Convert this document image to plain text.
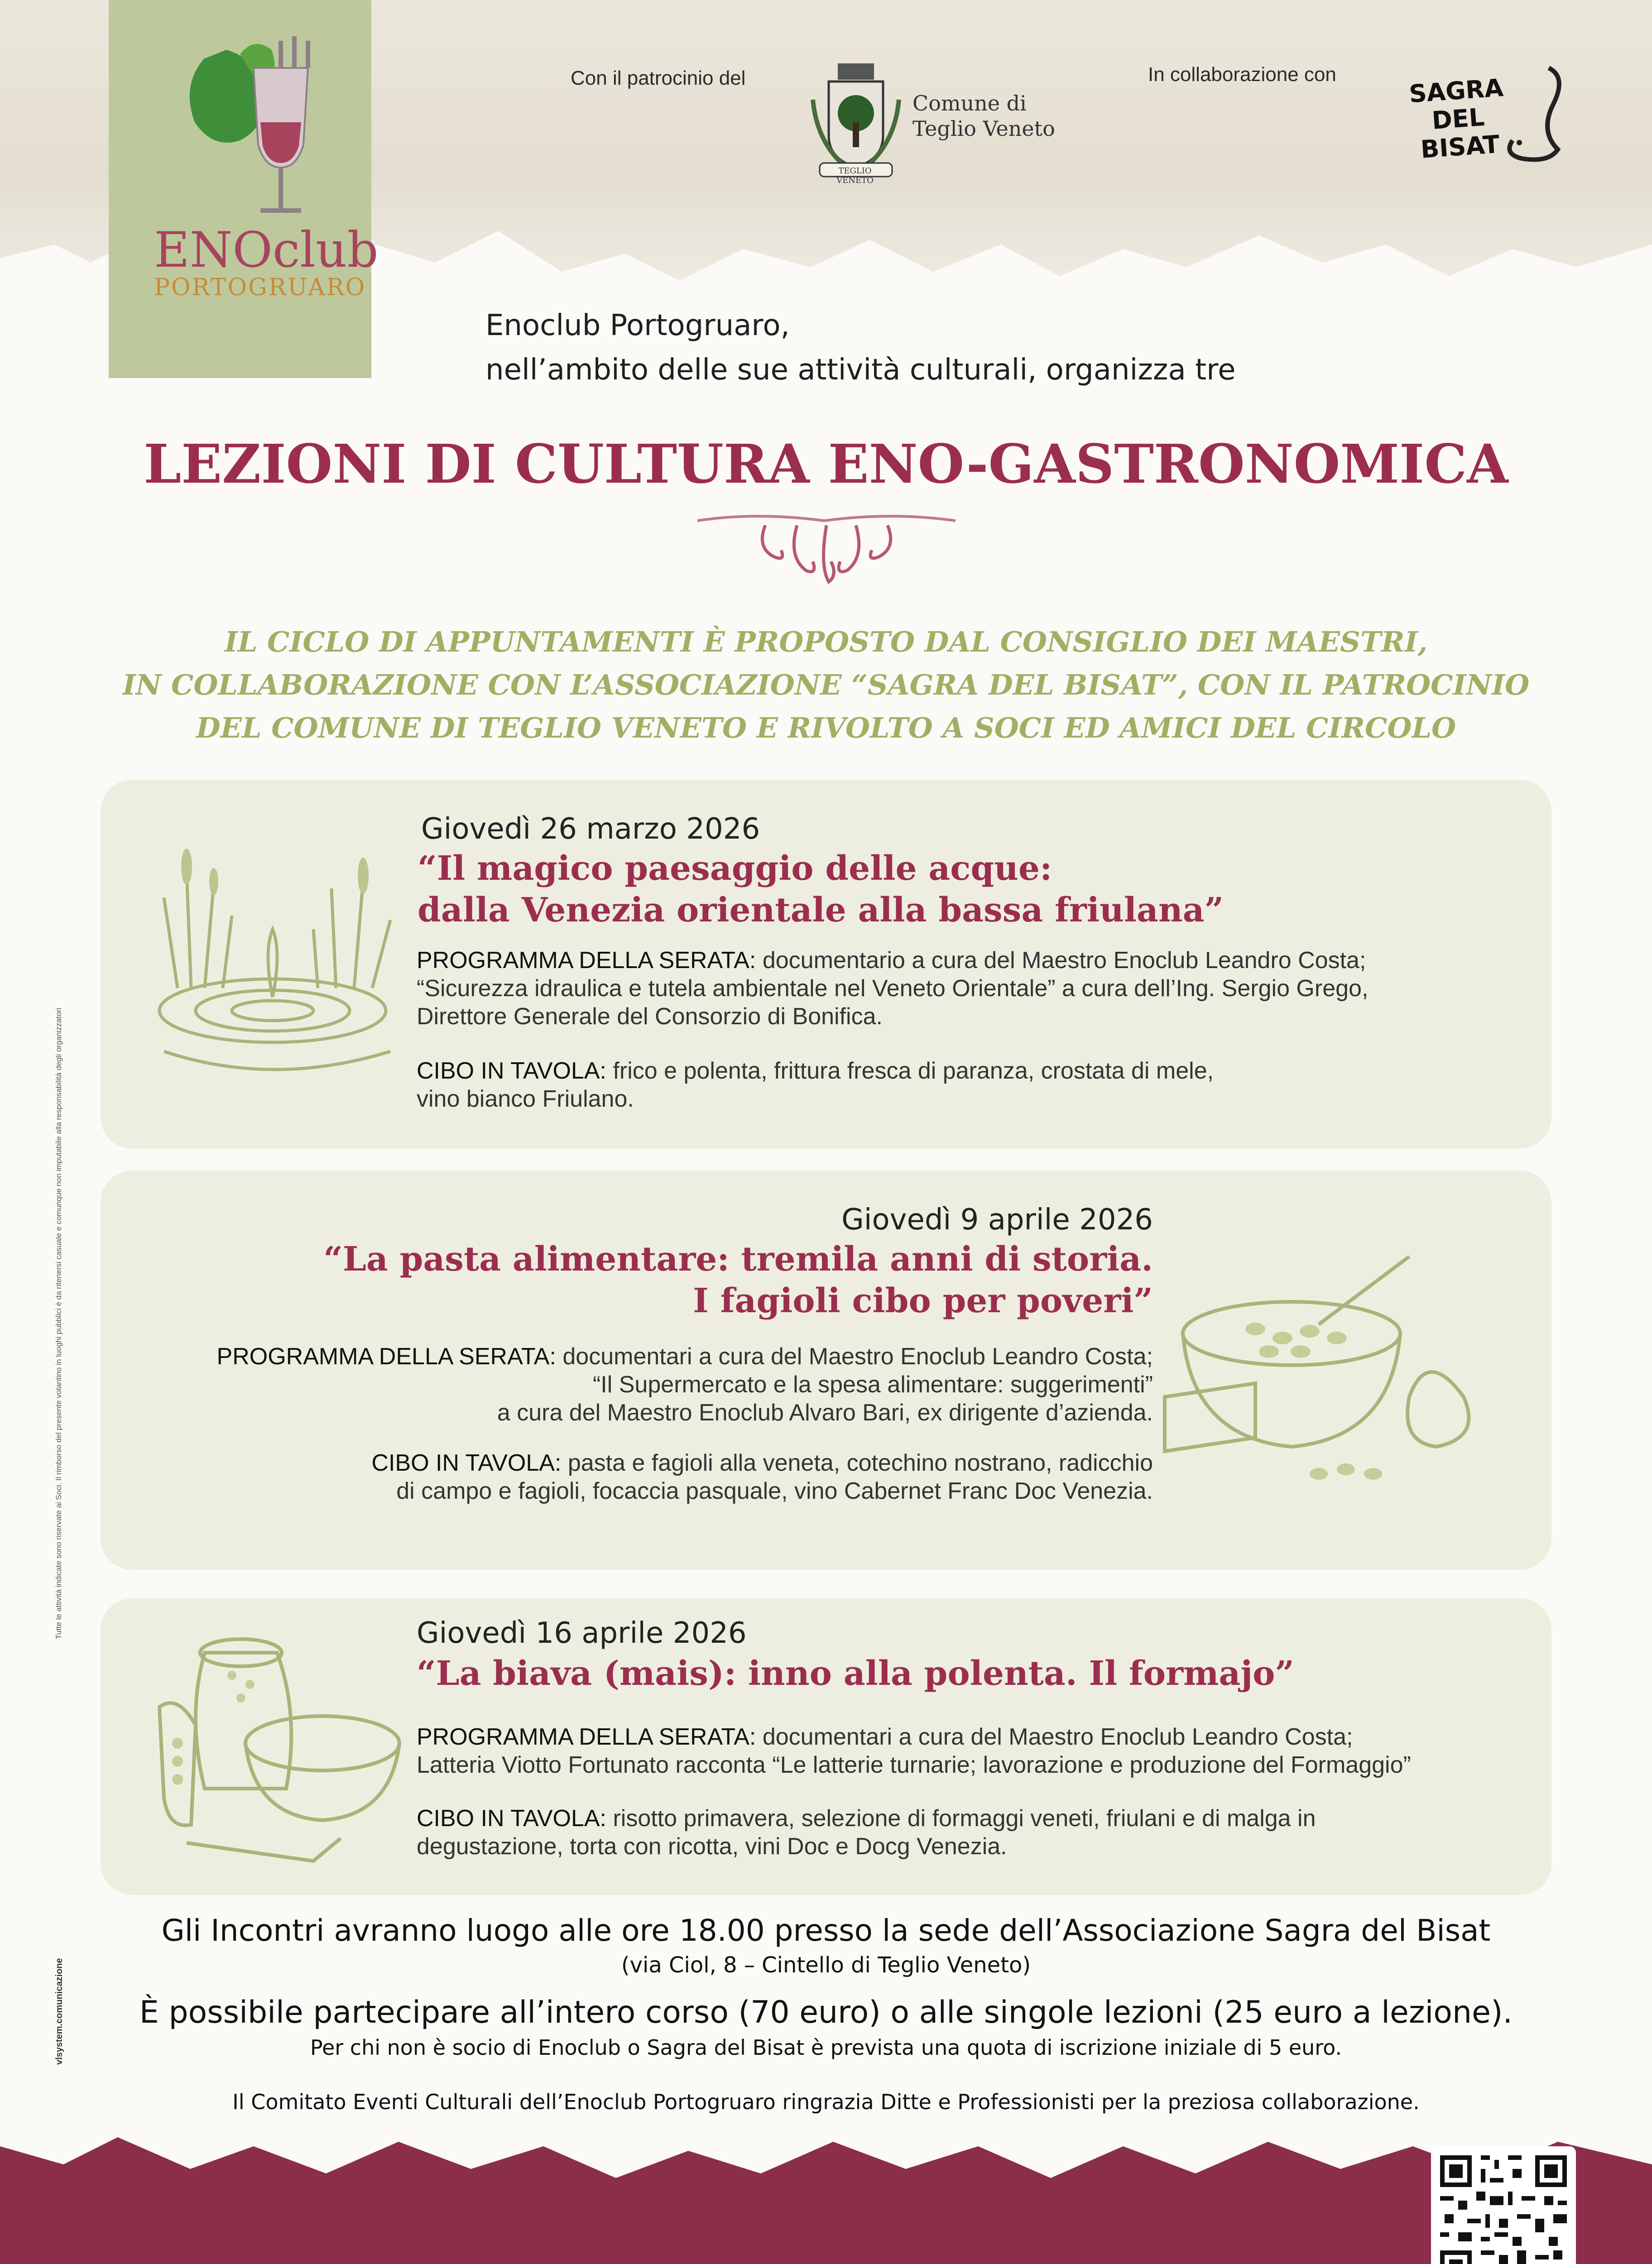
ENOclub
PORTOGRUARO
Con il patrocinio del
TEGLIO VENETO
Comune di
Teglio Veneto
In collaborazione con	SAGRA DEL
BISAT
Enoclub Portogruaro,
nell’ambito delle sue attività culturali, organizza tre
LEZIONI DI CULTURA ENO-GASTRONOMICA
IL CICLO DI APPUNTAMENTI È PROPOSTO DAL CONSIGLIO DEI MAESTRI,
IN COLLABORAZIONE CON L’ASSOCIAZIONE “SAGRA DEL BISAT”, CON IL PATROCINIO
DEL COMUNE DI TEGLIO VENETO E RIVOLTO A SOCI ED AMICI DEL CIRCOLO
Giovedì 26 marzo 2026
“Il magico paesaggio delle acque:
dalla Venezia orientale alla bassa friulana”
PROGRAMMA DELLA SERATA: documentario a cura del Maestro Enoclub Leandro Costa;
“Sicurezza idraulica e tutela ambientale nel Veneto Orientale” a cura dell’Ing. Sergio Grego,
Direttore Generale del Consorzio di Bonifica.
CIBO IN TAVOLA: frico e polenta, frittura fresca di paranza, crostata di mele,
vino bianco Friulano.
Giovedì 9 aprile 2026
“La pasta alimentare: tremila anni di storia.
I fagioli cibo per poveri”
PROGRAMMA DELLA SERATA: documentari a cura del Maestro Enoclub Leandro Costa;
“Il Supermercato e la spesa alimentare: suggerimenti”
a cura del Maestro Enoclub Alvaro Bari, ex dirigente d’azienda.
CIBO IN TAVOLA: pasta e fagioli alla veneta, cotechino nostrano, radicchio
di campo e fagioli, focaccia pasquale, vino Cabernet Franc Doc Venezia.
Giovedì 16 aprile 2026
“La biava (mais): inno alla polenta. Il formajo”
PROGRAMMA DELLA SERATA: documentari a cura del Maestro Enoclub Leandro Costa;
Latteria Viotto Fortunato racconta “Le latterie turnarie; lavorazione e produzione del Formaggio”
CIBO IN TAVOLA: risotto primavera, selezione di formaggi veneti, friulani e di malga in
degustazione, torta con ricotta, vini Doc e Docg Venezia.
Gli Incontri avranno luogo alle ore 18.00 presso la sede dell’Associazione Sagra del Bisat
(via Ciol, 8 – Cintello di Teglio Veneto)
È possibile partecipare all’intero corso (70 euro) o alle singole lezioni (25 euro a lezione).
Per chi non è socio di Enoclub o Sagra del Bisat è prevista una quota di iscrizione iniziale di 5 euro.
Il Comitato Eventi Culturali dell’Enoclub Portogruaro ringrazia Ditte e Professionisti per la preziosa collaborazione.
Tutte le attività indicate sono riservate ai Soci. Il rimborso del presente volantino in luoghi pubblici è da ritenersi casuale e comunque non imputabile alla responsabilità degli organizzatori
vlsystem.comunicazione
